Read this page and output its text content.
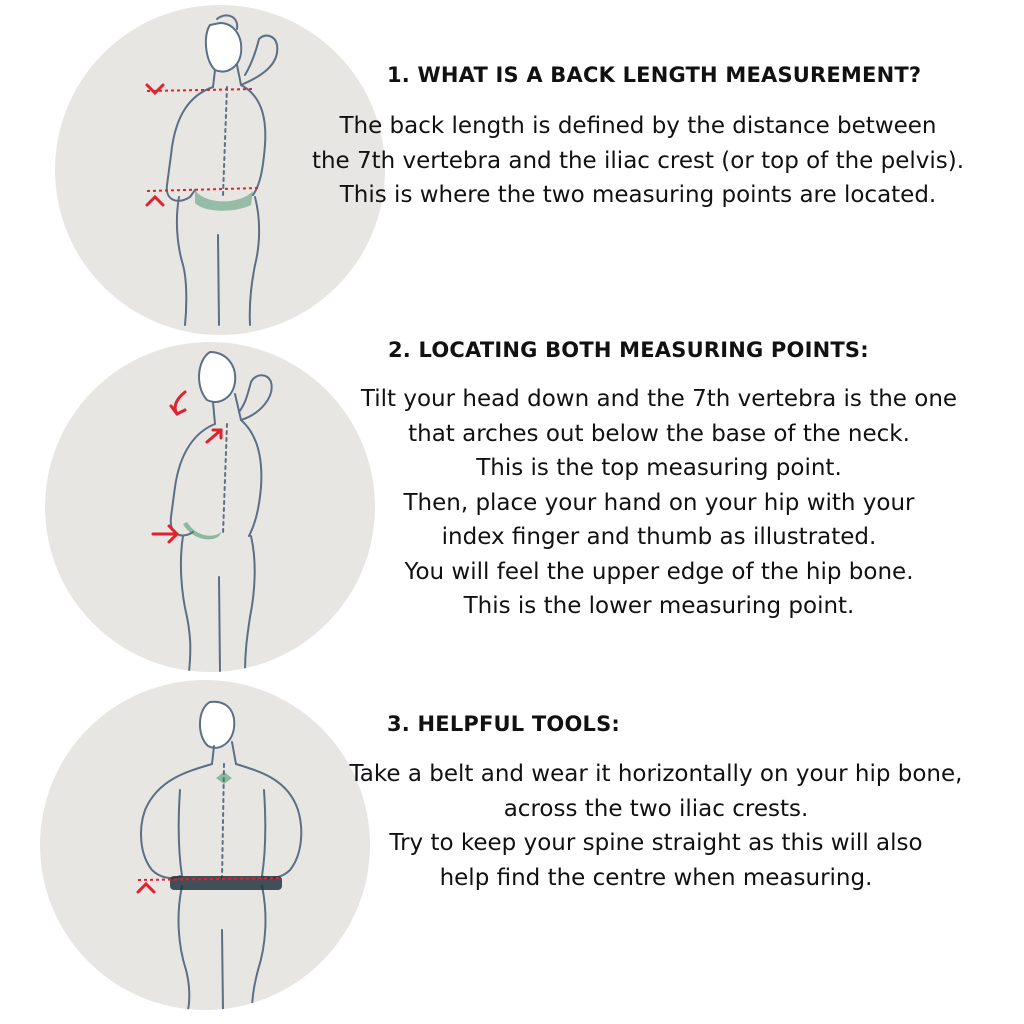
1. WHAT IS A BACK LENGTH MEASUREMENT?

The back length is defined by the distance between
the 7th vertebra and the iliac crest (or top of the pelvis).
This is where the two measuring points are located.

2. LOCATING BOTH MEASURING POINTS:

Tilt your head down and the 7th vertebra is the one
that arches out below the base of the neck.
This is the top measuring point.
Then, place your hand on your hip with your
index finger and thumb as illustrated.
You will feel the upper edge of the hip bone.
This is the lower measuring point.

3. HELPFUL TOOLS:

Take a belt and wear it horizontally on your hip bone,
across the two iliac crests.
Try to keep your spine straight as this will also
help find the centre when measuring.
